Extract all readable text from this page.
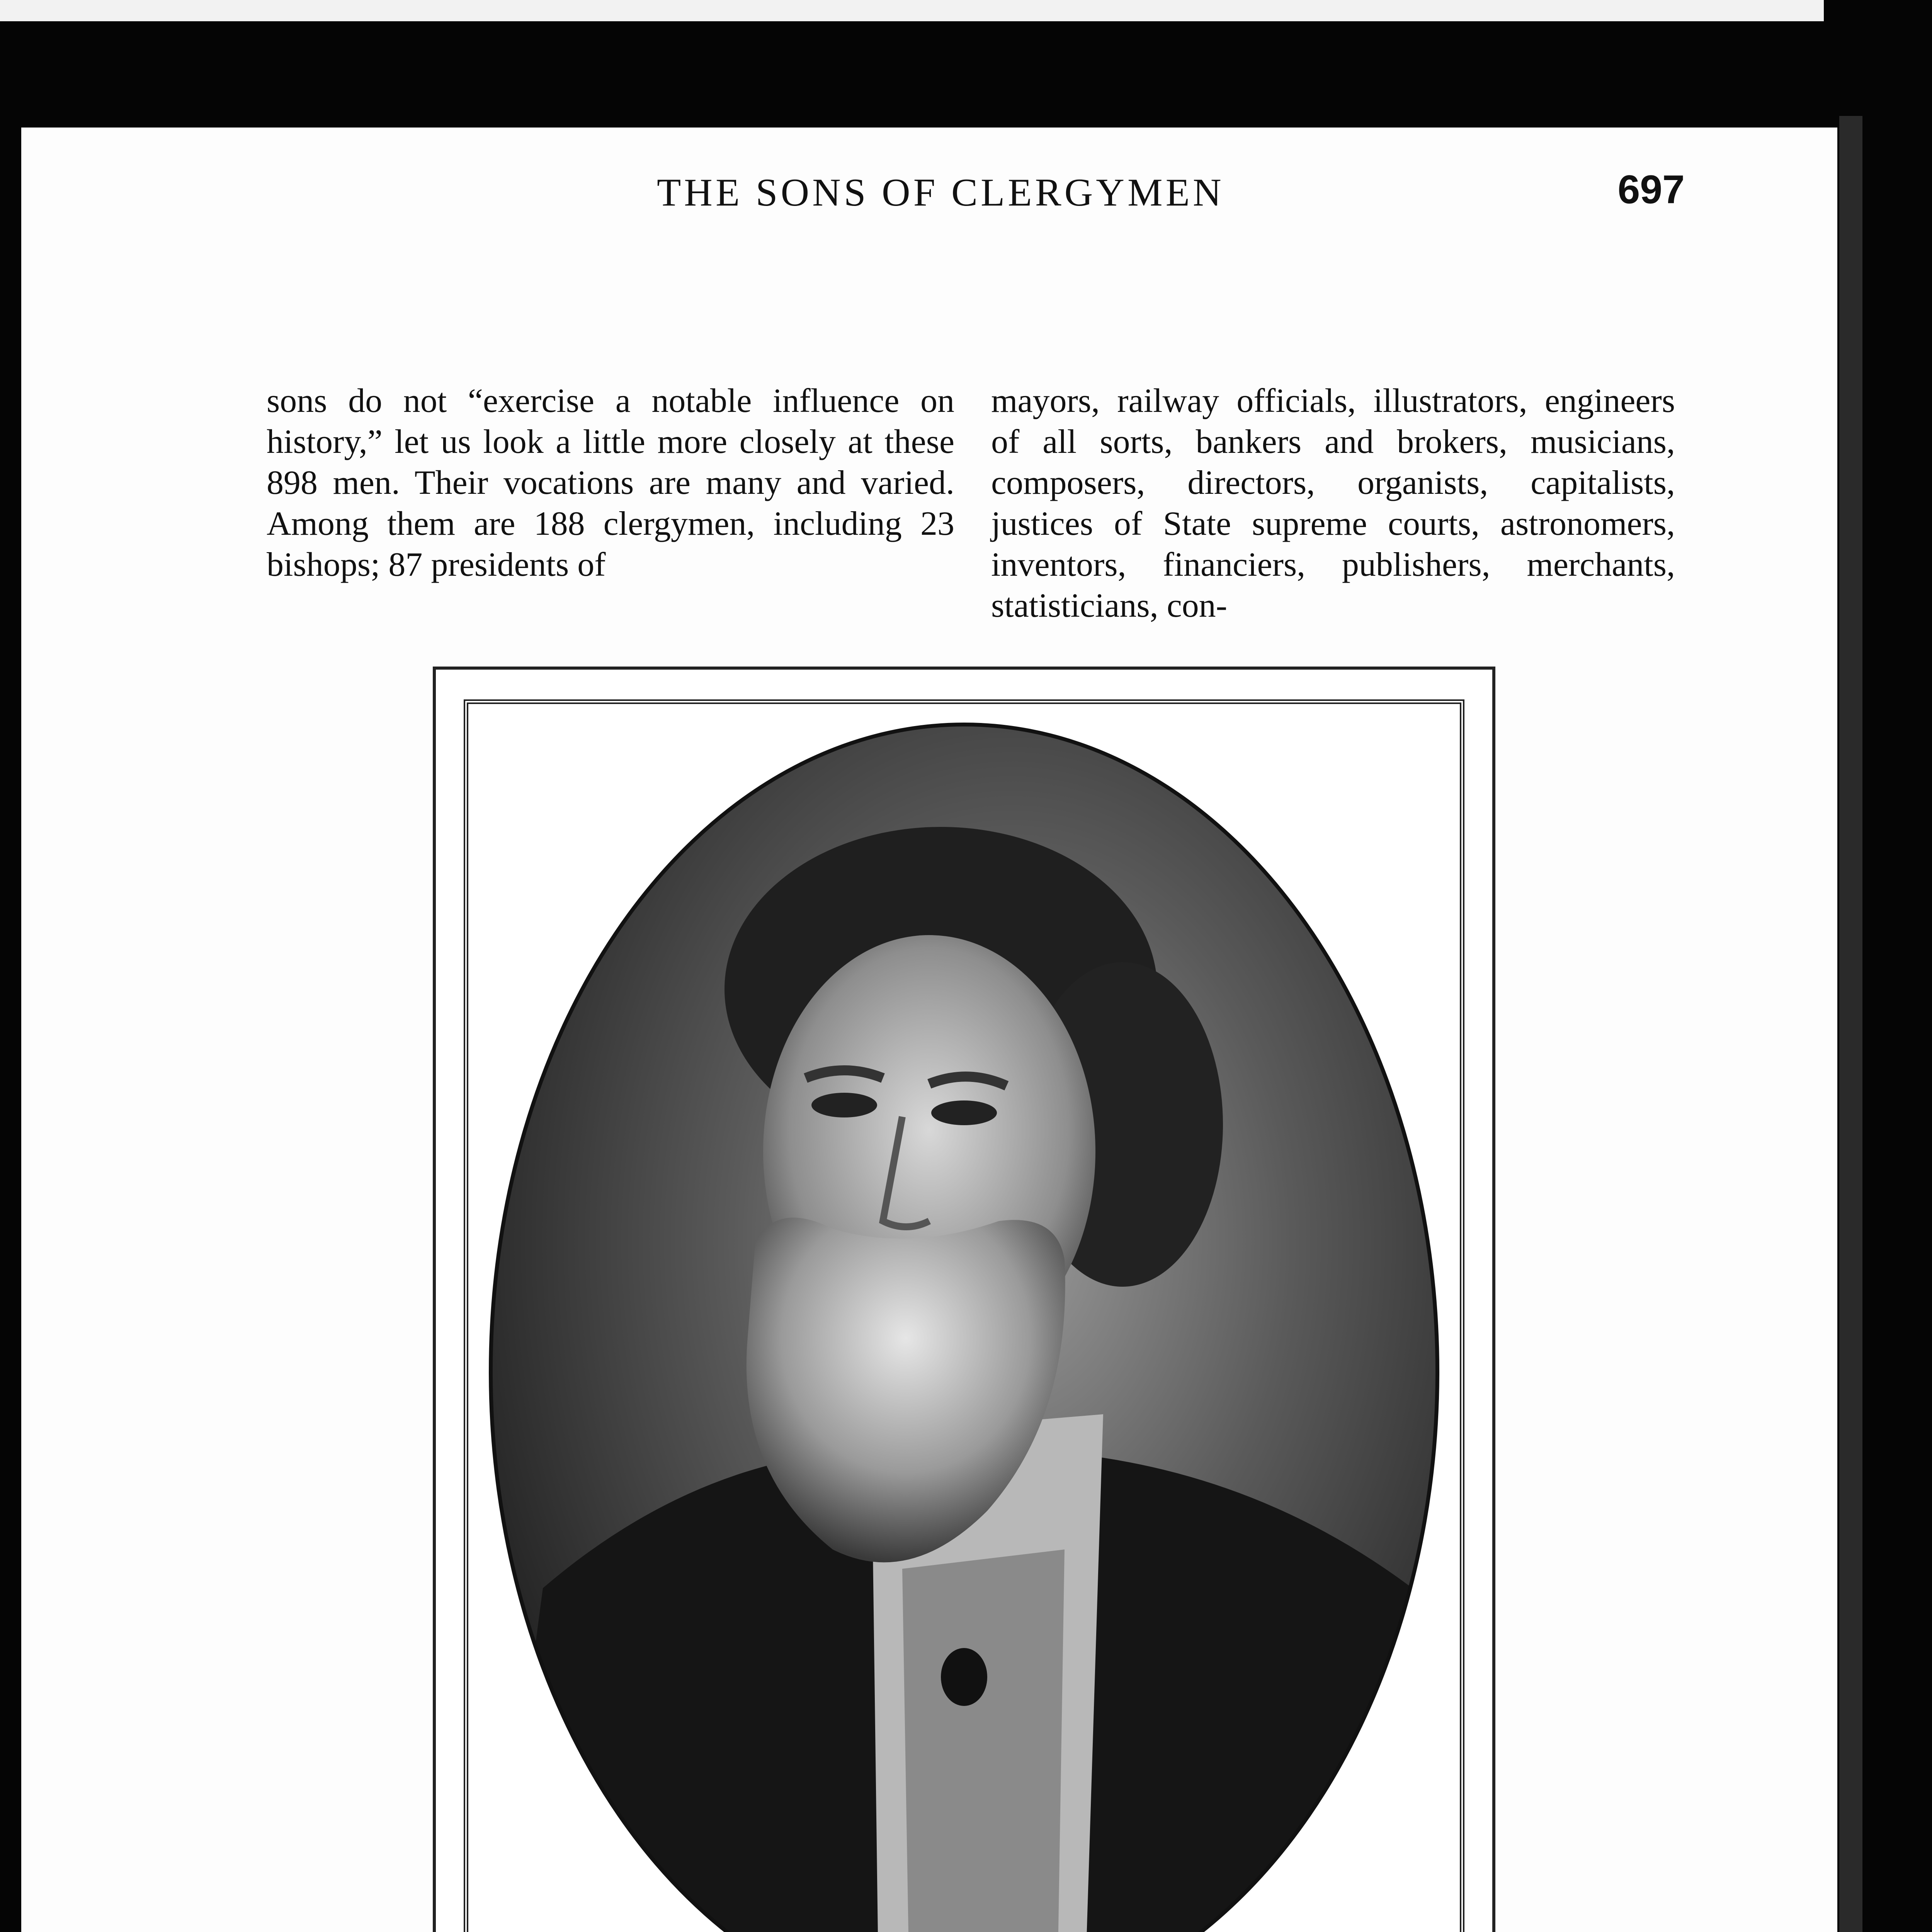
THE SONS OF CLERGYMEN	697

sons do not “exercise a notable influence on history,” let us look a little more closely at these 898 men. Their vocations are many and varied. Among them are 188 clergymen, including 23 bishops; 87 presidents of

mayors, railway officials, illustrators, engineers of all sorts, bankers and brokers, musicians, composers, directors, organists, capitalists, justices of State supreme courts, astronomers, inventors, financiers, publishers, merchants, statisticians, con-
